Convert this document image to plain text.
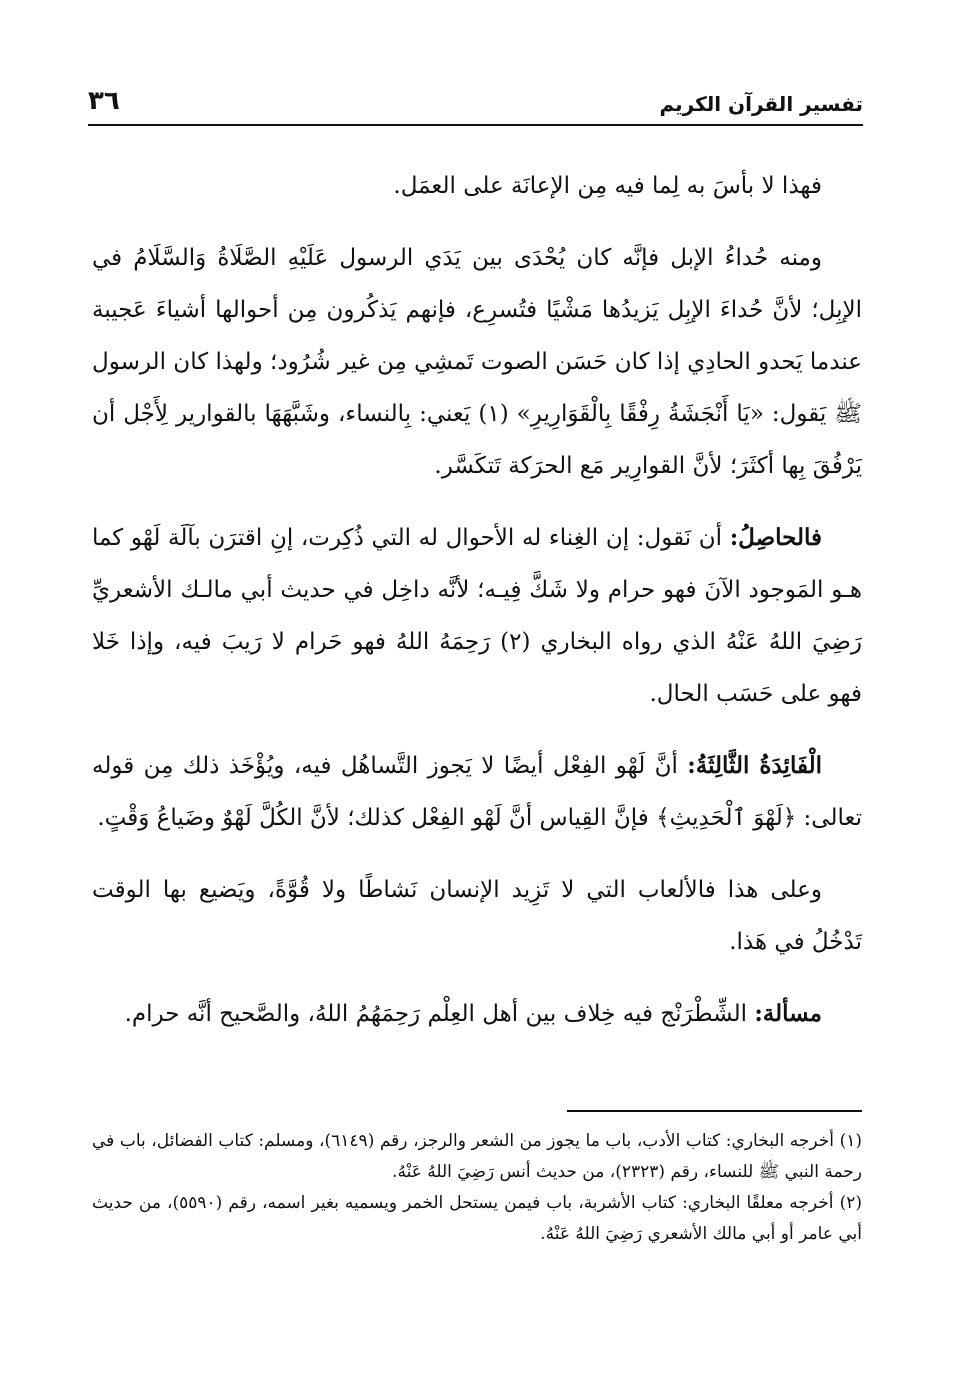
تفسير القرآن الكريم
٣٦

فهذا لا بأسَ به لِما فيه مِن الإعانَة على العمَل.

ومنه حُداءُ الإبل فإنَّه كان يُحْدَى بين يَدَي الرسول عَلَيْهِ الصَّلَاةُ وَالسَّلَامُ في الإبِل؛ لأنَّ حُداءَ الإبِل يَزيدُها مَشْيًا فتُسرِع، فإنهم يَذكُرون مِن أحوالها أشياءَ عَجيبة عندما يَحدو الحادِي إذا كان حَسَن الصوت تَمشِي مِن غير شُرُود؛ ولهذا كان الرسول ﷺ يَقول: «يَا أَنْجَشَةُ رِفْقًا بِالْقَوَارِيرِ» (١) يَعني: بِالنساء، وشَبَّهَهَا بالقوارير لِأَجْل أن يَرْفُقَ بِها أكثَرَ؛ لأنَّ القوارِير مَع الحرَكة تَتكَسَّر.

فالحاصِلُ: أن نَقول: إن الغِناء له الأحوال له التي ذُكِرت، إنِ اقترَن بآلَة لَهْو كما هـو المَوجود الآنَ فهو حرام ولا شَكَّ فِيـه؛ لأنَّه داخِل في حديث أبي مالـك الأشعريِّ رَضِيَ اللهُ عَنْهُ الذي رواه البخاري (٢) رَحِمَهُ اللهُ فهو حَرام لا رَيبَ فيه، وإذا خَلا فهو على حَسَب الحال.

الْفَائِدَةُ الثَّالِثَةُ: أنَّ لَهْو الفِعْل أيضًا لا يَجوز التَّساهُل فيه، ويُؤْخَذ ذلك مِن قوله تعالى: ﴿لَهْوَ ٱلْحَدِيثِ﴾ فإنَّ القِياس أنَّ لَهْو الفِعْل كذلك؛ لأنَّ الكُلَّ لَهْوٌ وضَياعُ وَقْتٍ.

وعلى هذا فالألعاب التي لا تَزِيد الإنسان نَشاطًا ولا قُوَّةً، ويَضيع بها الوقت تَدْخُلُ في هَذا.

مسألة: الشِّطْرَنْج فيه خِلاف بين أهل العِلْم رَحِمَهُمُ اللهُ، والصَّحيح أنَّه حرام.

(١) أخرجه البخاري: كتاب الأدب، باب ما يجوز من الشعر والرجز، رقم (٦١٤٩)، ومسلم: كتاب الفضائل، باب في رحمة النبي ﷺ للنساء، رقم (٢٣٢٣)، من حديث أنس رَضِيَ اللهُ عَنْهُ.

(٢) أخرجه معلقًا البخاري: كتاب الأشربة، باب فيمن يستحل الخمر ويسميه بغير اسمه، رقم (٥٥٩٠)، من حديث أبي عامر أو أبي مالك الأشعري رَضِيَ اللهُ عَنْهُ.
